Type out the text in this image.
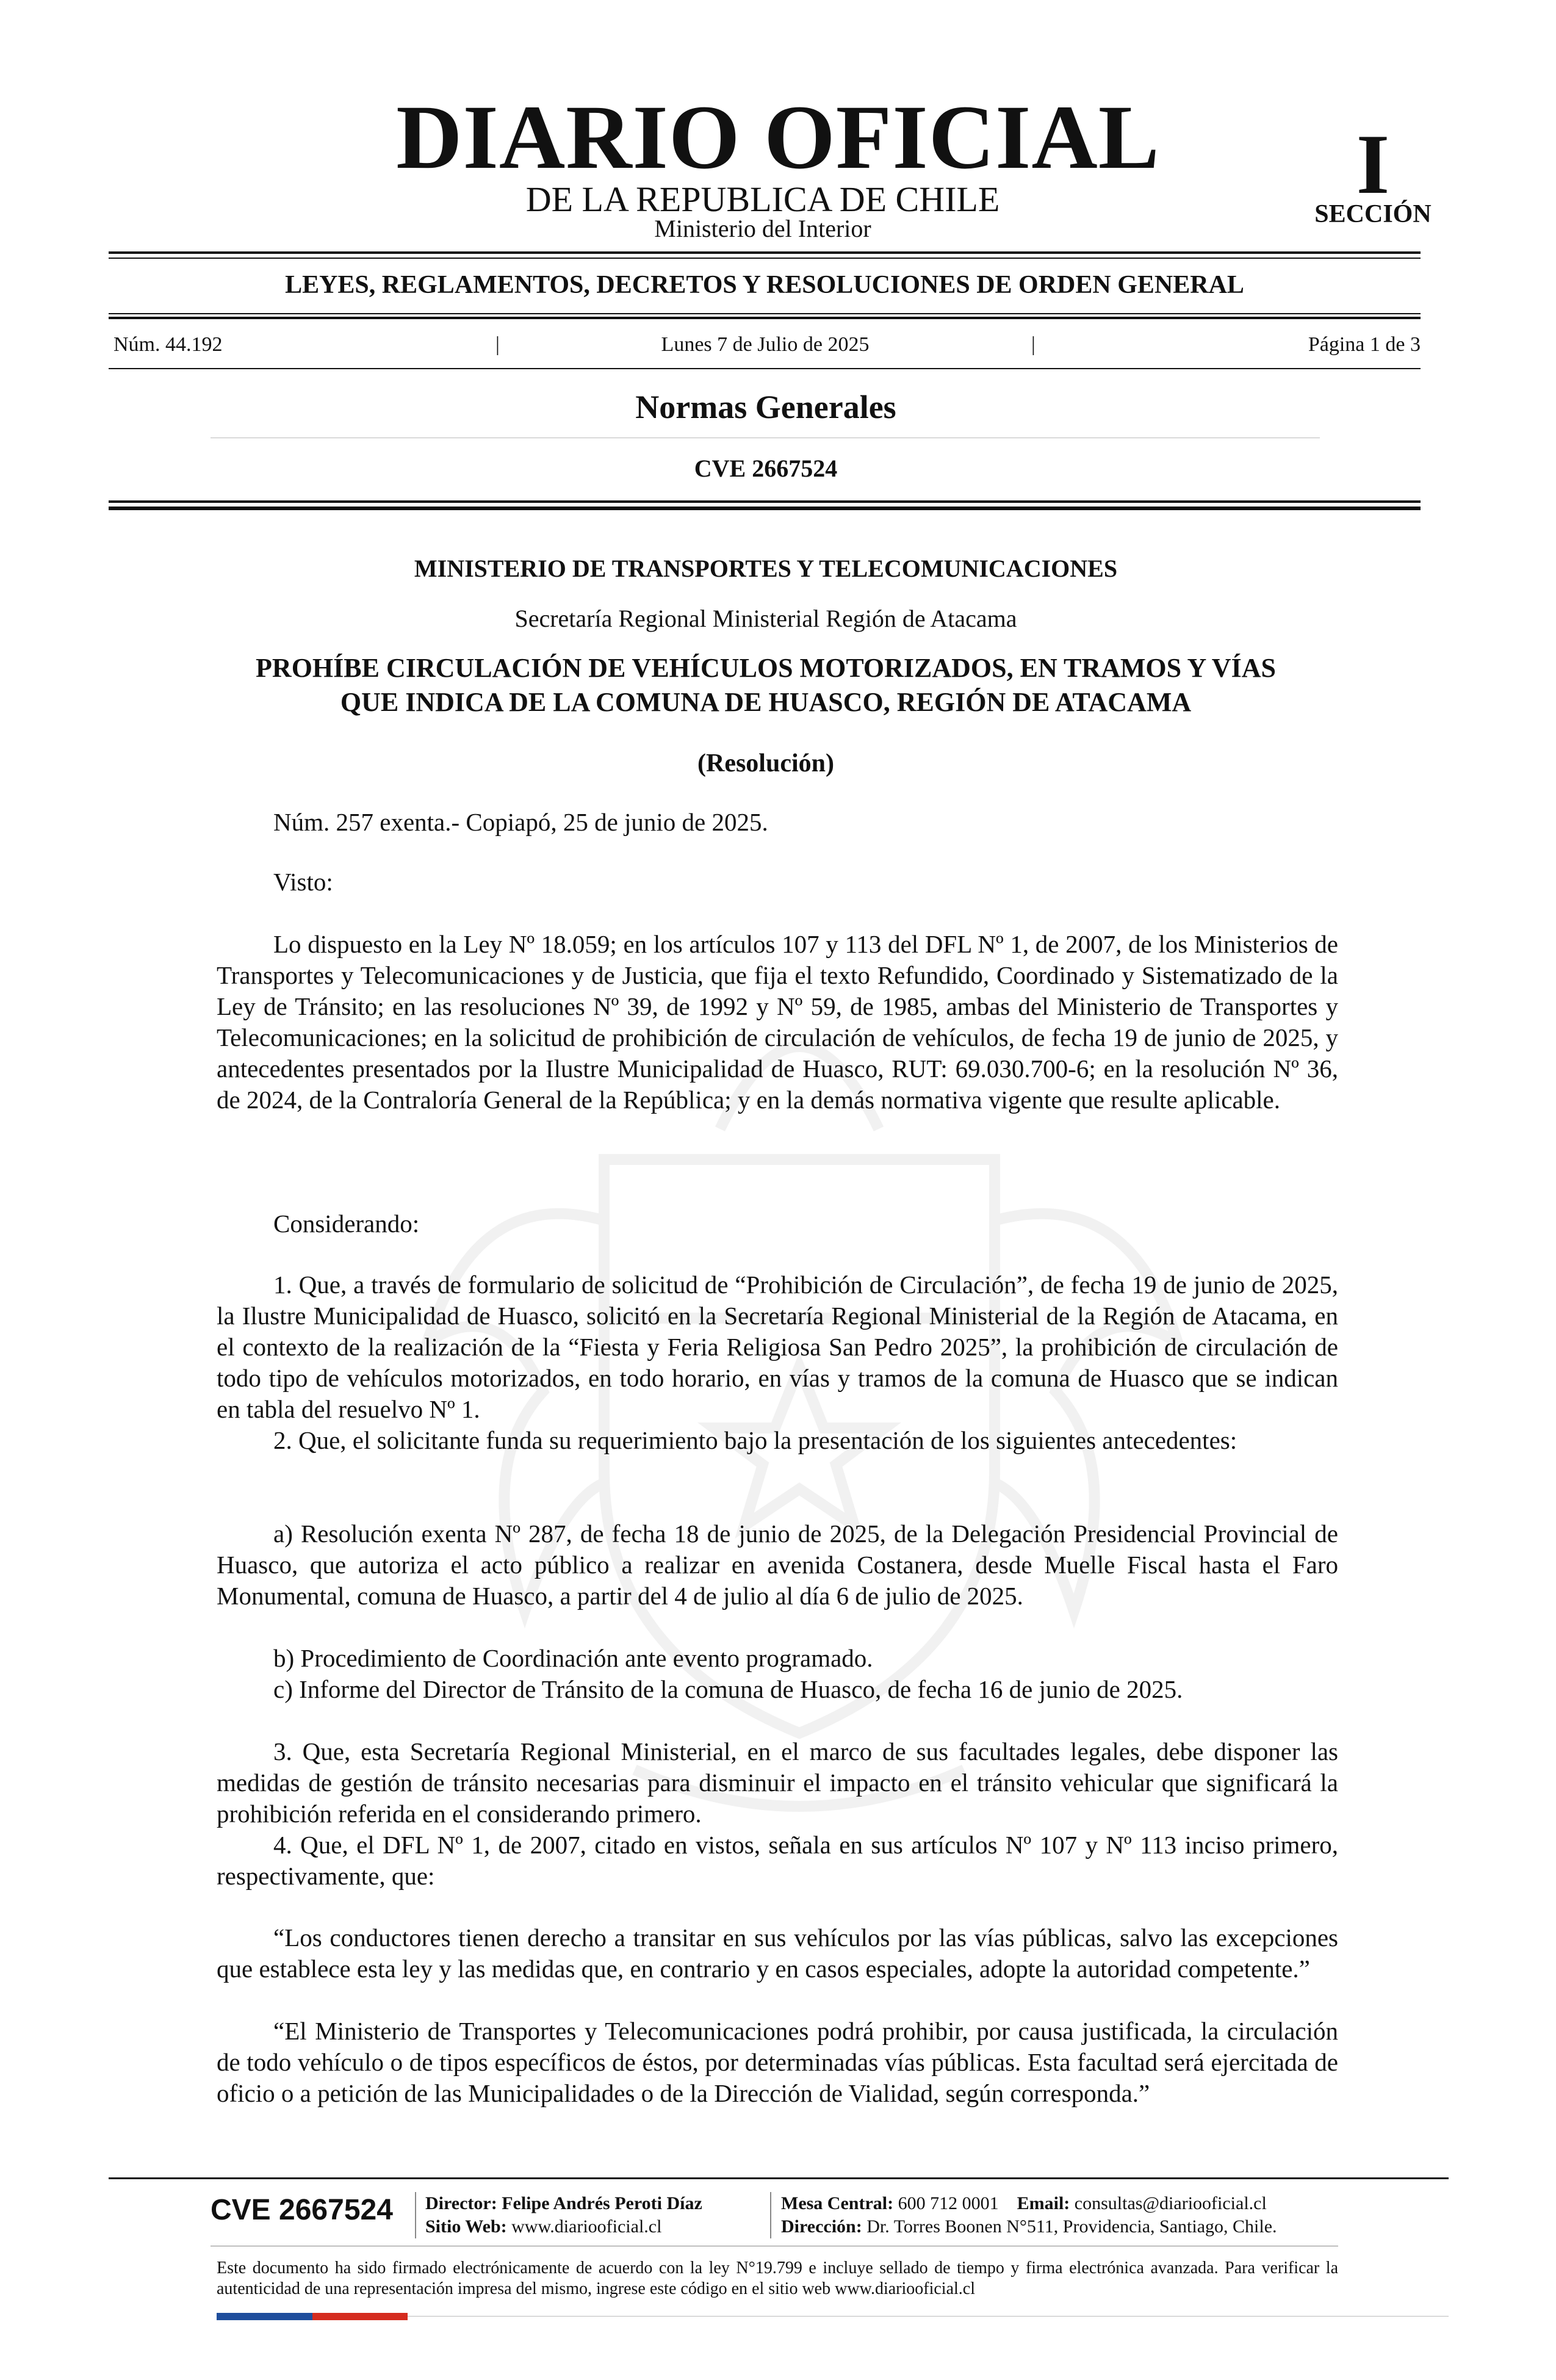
DIARIO OFICIAL
DE LA REPUBLICA DE CHILE
Ministerio del Interior
I
SECCIÓN
LEYES, REGLAMENTOS, DECRETOS Y RESOLUCIONES DE ORDEN GENERAL
Núm. 44.192	|	Lunes 7 de Julio de 2025	|	Página 1 de 3
Normas Generales
CVE 2667524
MINISTERIO DE TRANSPORTES Y TELECOMUNICACIONES
Secretaría Regional Ministerial Región de Atacama
PROHÍBE CIRCULACIÓN DE VEHÍCULOS MOTORIZADOS, EN TRAMOS Y VÍAS
QUE INDICA DE LA COMUNA DE HUASCO, REGIÓN DE ATACAMA
(Resolución)
Núm. 257 exenta.- Copiapó, 25 de junio de 2025.
Visto:
Lo dispuesto en la Ley Nº 18.059; en los artículos 107 y 113 del DFL Nº 1, de 2007, de los Ministerios de Transportes y Telecomunicaciones y de Justicia, que fija el texto Refundido, Coordinado y Sistematizado de la Ley de Tránsito; en las resoluciones Nº 39, de 1992 y Nº 59, de 1985, ambas del Ministerio de Transportes y Telecomunicaciones; en la solicitud de prohibición de circulación de vehículos, de fecha 19 de junio de 2025, y antecedentes presentados por la Ilustre Municipalidad de Huasco, RUT: 69.030.700-6; en la resolución Nº 36, de 2024, de la Contraloría General de la República; y en la demás normativa vigente que resulte aplicable.
Considerando:
1. Que, a través de formulario de solicitud de “Prohibición de Circulación”, de fecha 19 de junio de 2025, la Ilustre Municipalidad de Huasco, solicitó en la Secretaría Regional Ministerial de la Región de Atacama, en el contexto de la realización de la “Fiesta y Feria Religiosa San Pedro 2025”, la prohibición de circulación de todo tipo de vehículos motorizados, en todo horario, en vías y tramos de la comuna de Huasco que se indican en tabla del resuelvo Nº 1.
2. Que, el solicitante funda su requerimiento bajo la presentación de los siguientes antecedentes:
a) Resolución exenta Nº 287, de fecha 18 de junio de 2025, de la Delegación Presidencial Provincial de Huasco, que autoriza el acto público a realizar en avenida Costanera, desde Muelle Fiscal hasta el Faro Monumental, comuna de Huasco, a partir del 4 de julio al día 6 de julio de 2025.
b) Procedimiento de Coordinación ante evento programado.
c) Informe del Director de Tránsito de la comuna de Huasco, de fecha 16 de junio de 2025.
3. Que, esta Secretaría Regional Ministerial, en el marco de sus facultades legales, debe disponer las medidas de gestión de tránsito necesarias para disminuir el impacto en el tránsito vehicular que significará la prohibición referida en el considerando primero.
4. Que, el DFL Nº 1, de 2007, citado en vistos, señala en sus artículos Nº 107 y Nº 113 inciso primero, respectivamente, que:
“Los conductores tienen derecho a transitar en sus vehículos por las vías públicas, salvo las excepciones que establece esta ley y las medidas que, en contrario y en casos especiales, adopte la autoridad competente.”
“El Ministerio de Transportes y Telecomunicaciones podrá prohibir, por causa justificada, la circulación de todo vehículo o de tipos específicos de éstos, por determinadas vías públicas. Esta facultad será ejercitada de oficio o a petición de las Municipalidades o de la Dirección de Vialidad, según corresponda.”
CVE 2667524 Director: Felipe Andrés Peroti Díaz
Sitio Web: www.diariooficial.cl
Mesa Central: 600 712 0001 Email: consultas@diariooficial.cl
Dirección: Dr. Torres Boonen N°511, Providencia, Santiago, Chile.
Este documento ha sido firmado electrónicamente de acuerdo con la ley N°19.799 e incluye sellado de tiempo y firma electrónica avanzada. Para verificar la autenticidad de una representación impresa del mismo, ingrese este código en el sitio web www.diariooficial.cl
